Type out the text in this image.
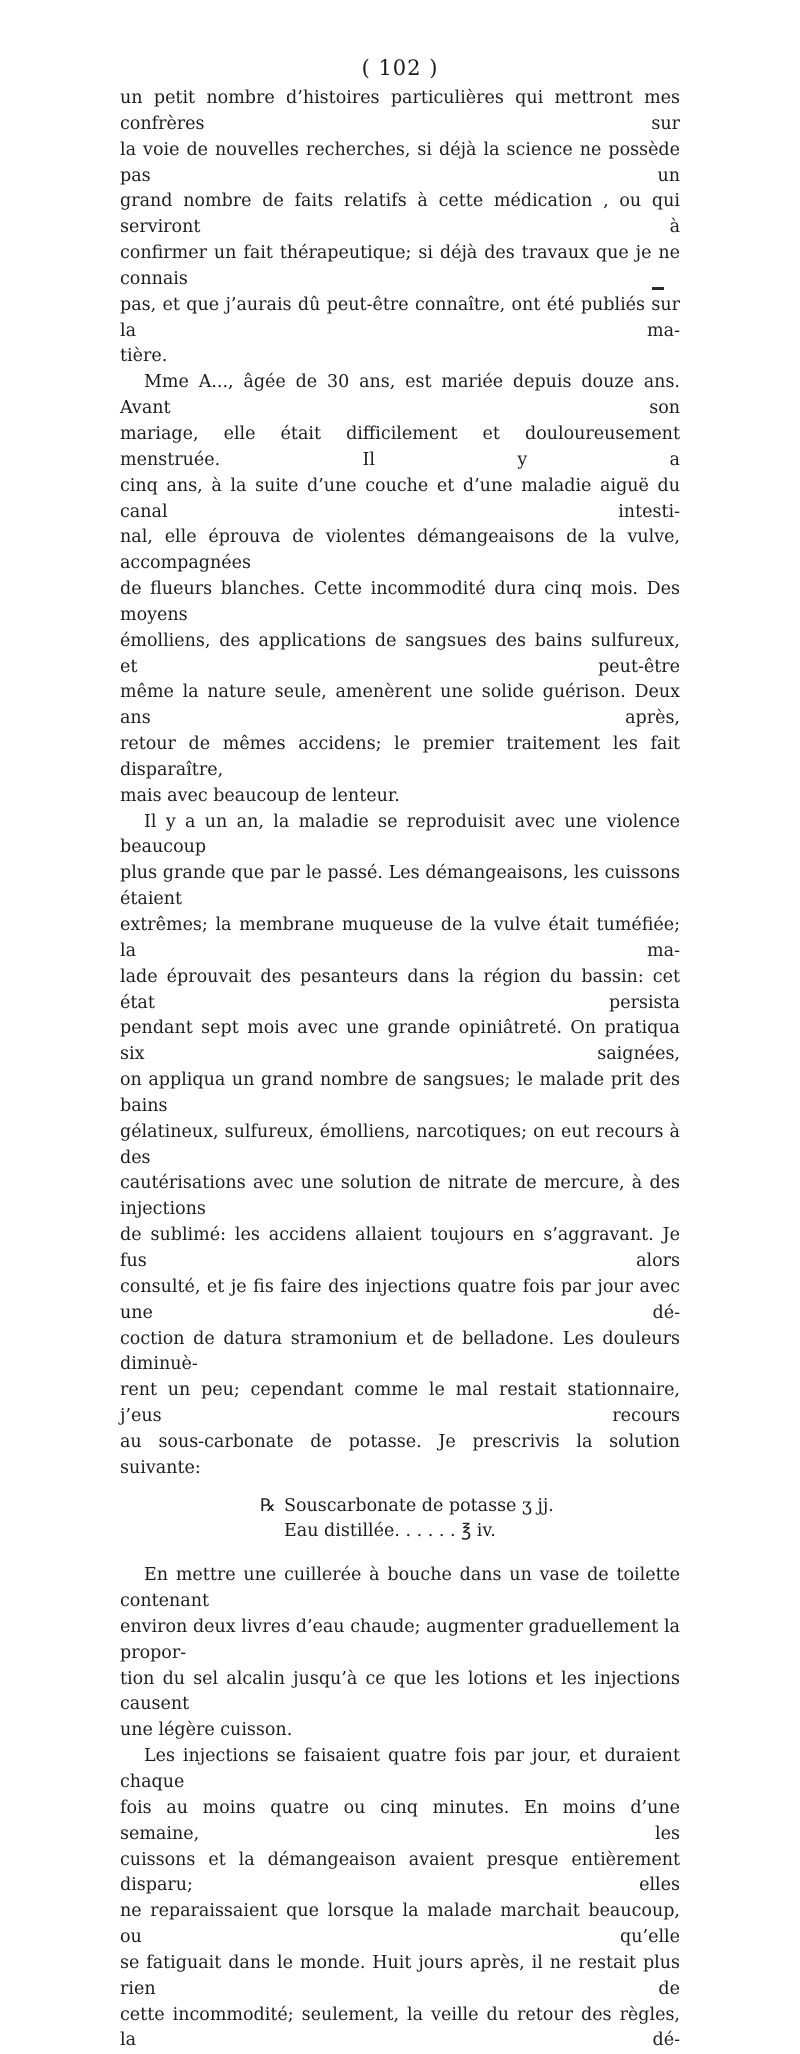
( 102 )

un petit nombre d’histoires particulières qui mettront mes confrères sur

la voie de nouvelles recherches, si déjà la science ne possède pas un

grand nombre de faits relatifs à cette médication , ou qui serviront à

confirmer un fait thérapeutique; si déjà des travaux que je ne connais

pas, et que j’aurais dû peut-être connaître, ont été publiés sur la ma-

tière.

Mme A..., âgée de 30 ans, est mariée depuis douze ans. Avant son

mariage, elle était difficilement et douloureusement menstruée. Il y a

cinq ans, à la suite d’une couche et d’une maladie aiguë du canal intesti-

nal, elle éprouva de violentes démangeaisons de la vulve, accompagnées

de flueurs blanches. Cette incommodité dura cinq mois. Des moyens

émolliens, des applications de sangsues des bains sulfureux, et peut-être

même la nature seule, amenèrent une solide guérison. Deux ans après,

retour de mêmes accidens; le premier traitement les fait disparaître,

mais avec beaucoup de lenteur.

Il y a un an, la maladie se reproduisit avec une violence beaucoup

plus grande que par le passé. Les démangeaisons, les cuissons étaient

extrêmes; la membrane muqueuse de la vulve était tuméfiée; la ma-

lade éprouvait des pesanteurs dans la région du bassin: cet état persista

pendant sept mois avec une grande opiniâtreté. On pratiqua six saignées,

on appliqua un grand nombre de sangsues; le malade prit des bains

gélatineux, sulfureux, émolliens, narcotiques; on eut recours à des

cautérisations avec une solution de nitrate de mercure, à des injections

de sublimé: les accidens allaient toujours en s’aggravant. Je fus alors

consulté, et je fis faire des injections quatre fois par jour avec une dé-

coction de datura stramonium et de belladone. Les douleurs diminuè-

rent un peu; cependant comme le mal restait stationnaire, j’eus recours

au sous-carbonate de potasse. Je prescrivis la solution suivante:

℞ Souscarbonate de potasse ʒ jj.
Eau distillée. . . . . . ℥ iv.

En mettre une cuillerée à bouche dans un vase de toilette contenant

environ deux livres d’eau chaude; augmenter graduellement la propor-

tion du sel alcalin jusqu’à ce que les lotions et les injections causent

une légère cuisson.

Les injections se faisaient quatre fois par jour, et duraient chaque

fois au moins quatre ou cinq minutes. En moins d’une semaine, les

cuissons et la démangeaison avaient presque entièrement disparu; elles

ne reparaissaient que lorsque la malade marchait beaucoup, ou qu’elle

se fatiguait dans le monde. Huit jours après, il ne restait plus rien de

cette incommodité; seulement, la veille du retour des règles, la dé-
